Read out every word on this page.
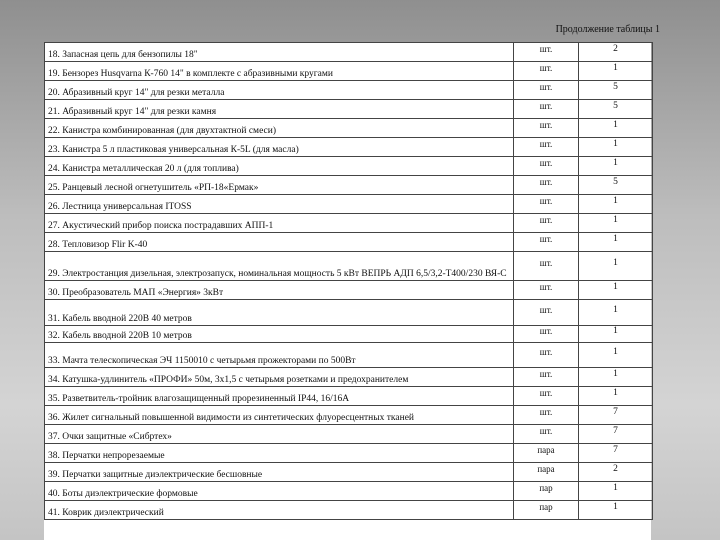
Продолжение таблицы 1
18. Запасная цепь для бензопилы 18"	шт.	2
19. Бензорез Husqvarna К-760 14" в комплекте с абразивными кругами	шт.	1
20. Абразивный круг 14" для резки металла	шт.	5
21. Абразивный круг 14" для резки камня	шт.	5
22. Канистра комбинированная (для двухтактной смеси)	шт.	1
23. Канистра 5 л пластиковая универсальная К-5L (для масла)	шт.	1
24. Канистра металлическая 20 л (для топлива)	шт.	1
25. Ранцевый лесной огнетушитель «РП-18«Ермак»	шт.	5
26. Лестница универсальная ITOSS	шт.	1
27. Акустический прибор поиска пострадавших АПП-1	шт.	1
28. Тепловизор Flir K-40	шт.	1
29. Электростанция дизельная, электрозапуск, номинальная мощность 5 кВт ВЕПРЬ АДП 6,5/3,2-Т400/230 ВЯ-С	шт.	1
30. Преобразователь МАП «Энергия» 3кВт	шт.	1
31. Кабель вводной 220В 40 метров	шт.	1
32. Кабель вводной 220В 10 метров	шт.	1
33. Мачта телескопическая ЭЧ 1150010 с четырьмя прожекторами по 500Вт	шт.	1
34. Катушка-удлинитель «ПРОФИ» 50м, 3х1,5 с четырьмя розетками и предохранителем	шт.	1
35. Разветвитель-тройник влагозащищенный прорезиненный IP44, 16/16А	шт.	1
36. Жилет сигнальный повышенной видимости из синтетических флуоресцентных тканей	шт.	7
37. Очки защитные «Сибртех»	шт.	7
38. Перчатки непрорезаемые	пара	7
39. Перчатки защитные диэлектрические бесшовные	пара	2
40. Боты диэлектрические формовые	пар	1
41. Коврик диэлектрический	пар	1
